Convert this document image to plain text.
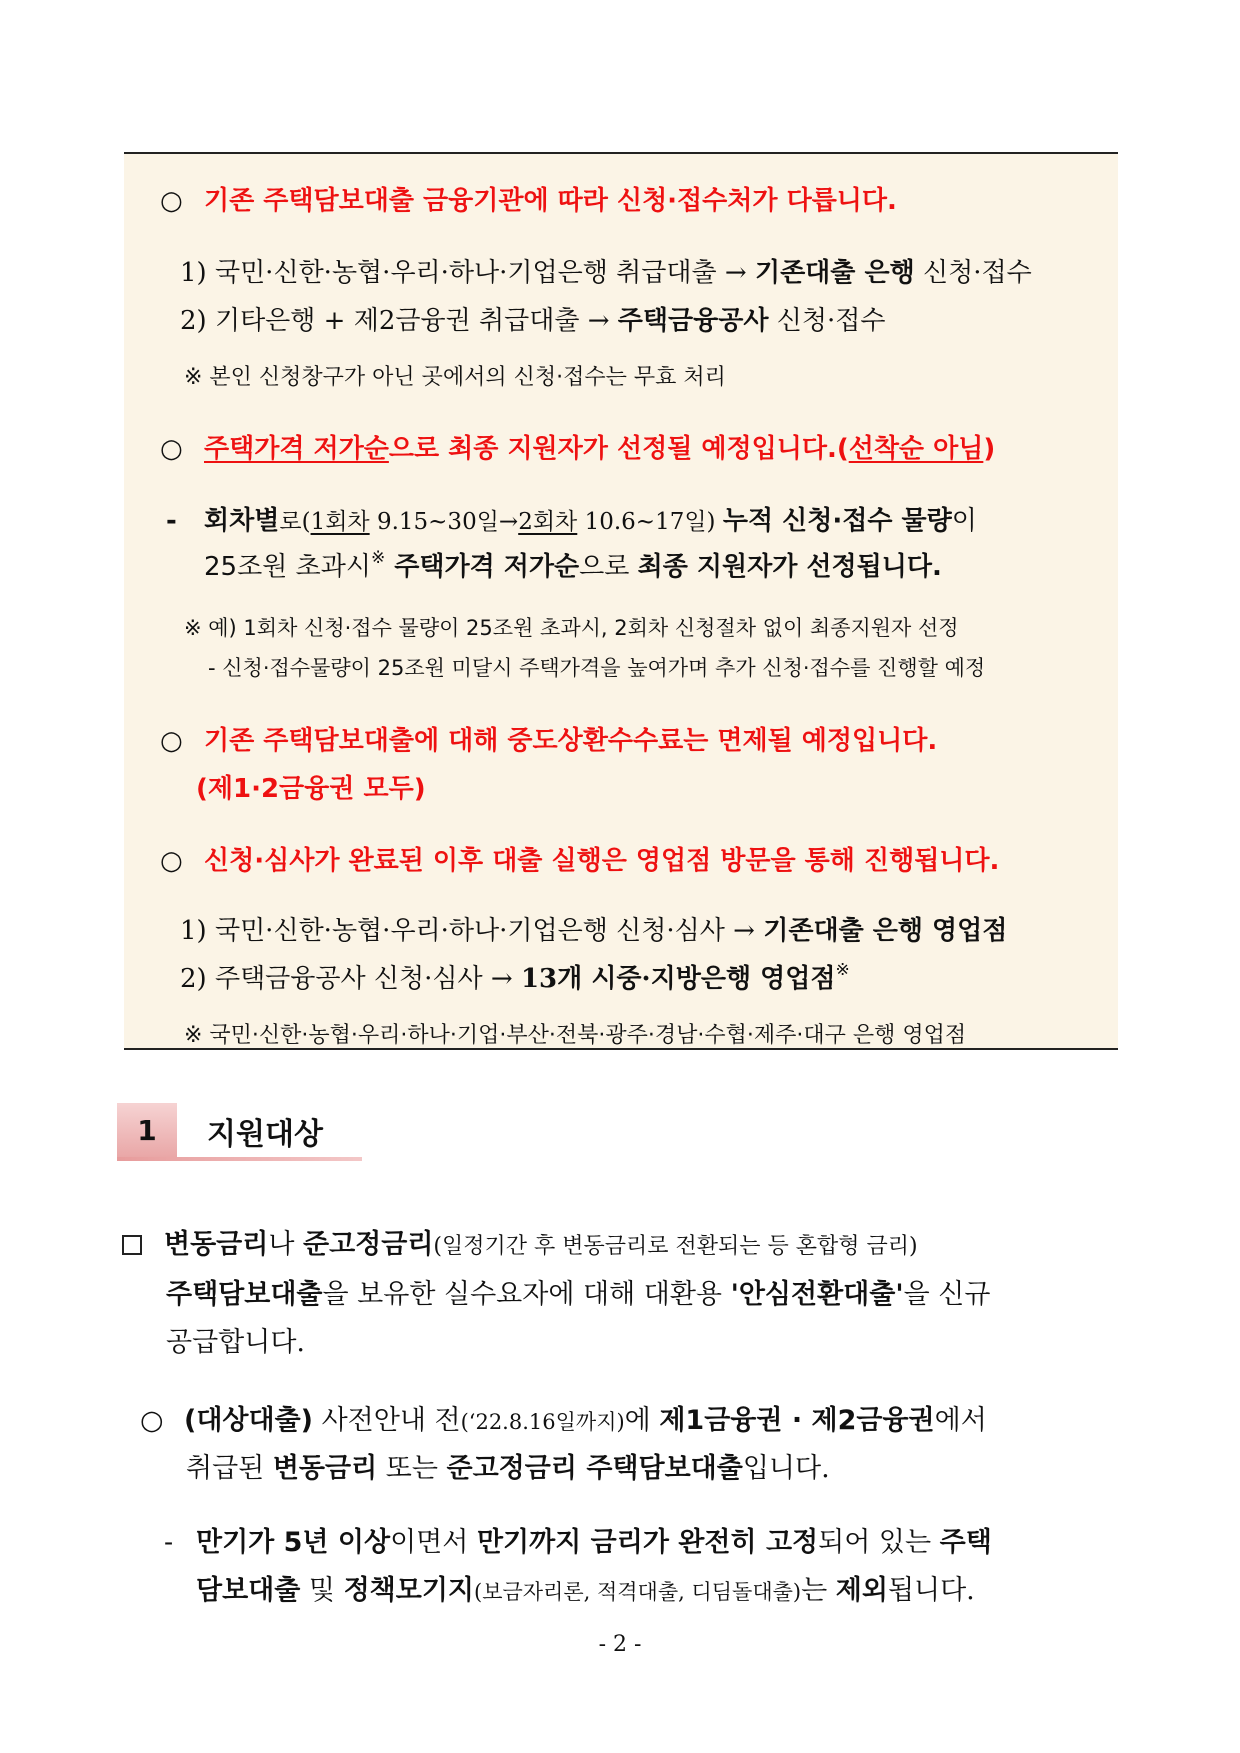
○ 기존 주택담보대출 금융기관에 따라 신청·접수처가 다릅니다.
1) 국민·신한·농협·우리·하나·기업은행 취급대출 → 기존대출 은행 신청·접수
2) 기타은행 + 제2금융권 취급대출 → 주택금융공사 신청·접수
※ 본인 신청창구가 아닌 곳에서의 신청·접수는 무효 처리
○ 주택가격 저가순으로 최종 지원자가 선정될 예정입니다.(선착순 아님)
- 회차별로(1회차 9.15~30일→2회차 10.6~17일) 누적 신청·접수 물량이
25조원 초과시※ 주택가격 저가순으로 최종 지원자가 선정됩니다.
※ 예) 1회차 신청·접수 물량이 25조원 초과시, 2회차 신청절차 없이 최종지원자 선정
- 신청·접수물량이 25조원 미달시 주택가격을 높여가며 추가 신청·접수를 진행할 예정
○ 기존 주택담보대출에 대해 중도상환수수료는 면제될 예정입니다.
(제1·2금융권 모두)
○ 신청·심사가 완료된 이후 대출 실행은 영업점 방문을 통해 진행됩니다.
1) 국민·신한·농협·우리·하나·기업은행 신청·심사 → 기존대출 은행 영업점
2) 주택금융공사 신청·심사 → 13개 시중·지방은행 영업점※
※ 국민·신한·농협·우리·하나·기업·부산·전북·광주·경남·수협·제주·대구 은행 영업점
1	지원대상
변동금리나 준고정금리(일정기간 후 변동금리로 전환되는 등 혼합형 금리)
주택담보대출을 보유한 실수요자에 대해 대환용 '안심전환대출'을 신규
공급합니다.
○ (대상대출) 사전안내 전(‘22.8.16일까지)에 제1금융권 · 제2금융권에서
취급된 변동금리 또는 준고정금리 주택담보대출입니다.
- 만기가 5년 이상이면서 만기까지 금리가 완전히 고정되어 있는 주택
담보대출 및 정책모기지(보금자리론, 적격대출, 디딤돌대출)는 제외됩니다.
- 2 -
